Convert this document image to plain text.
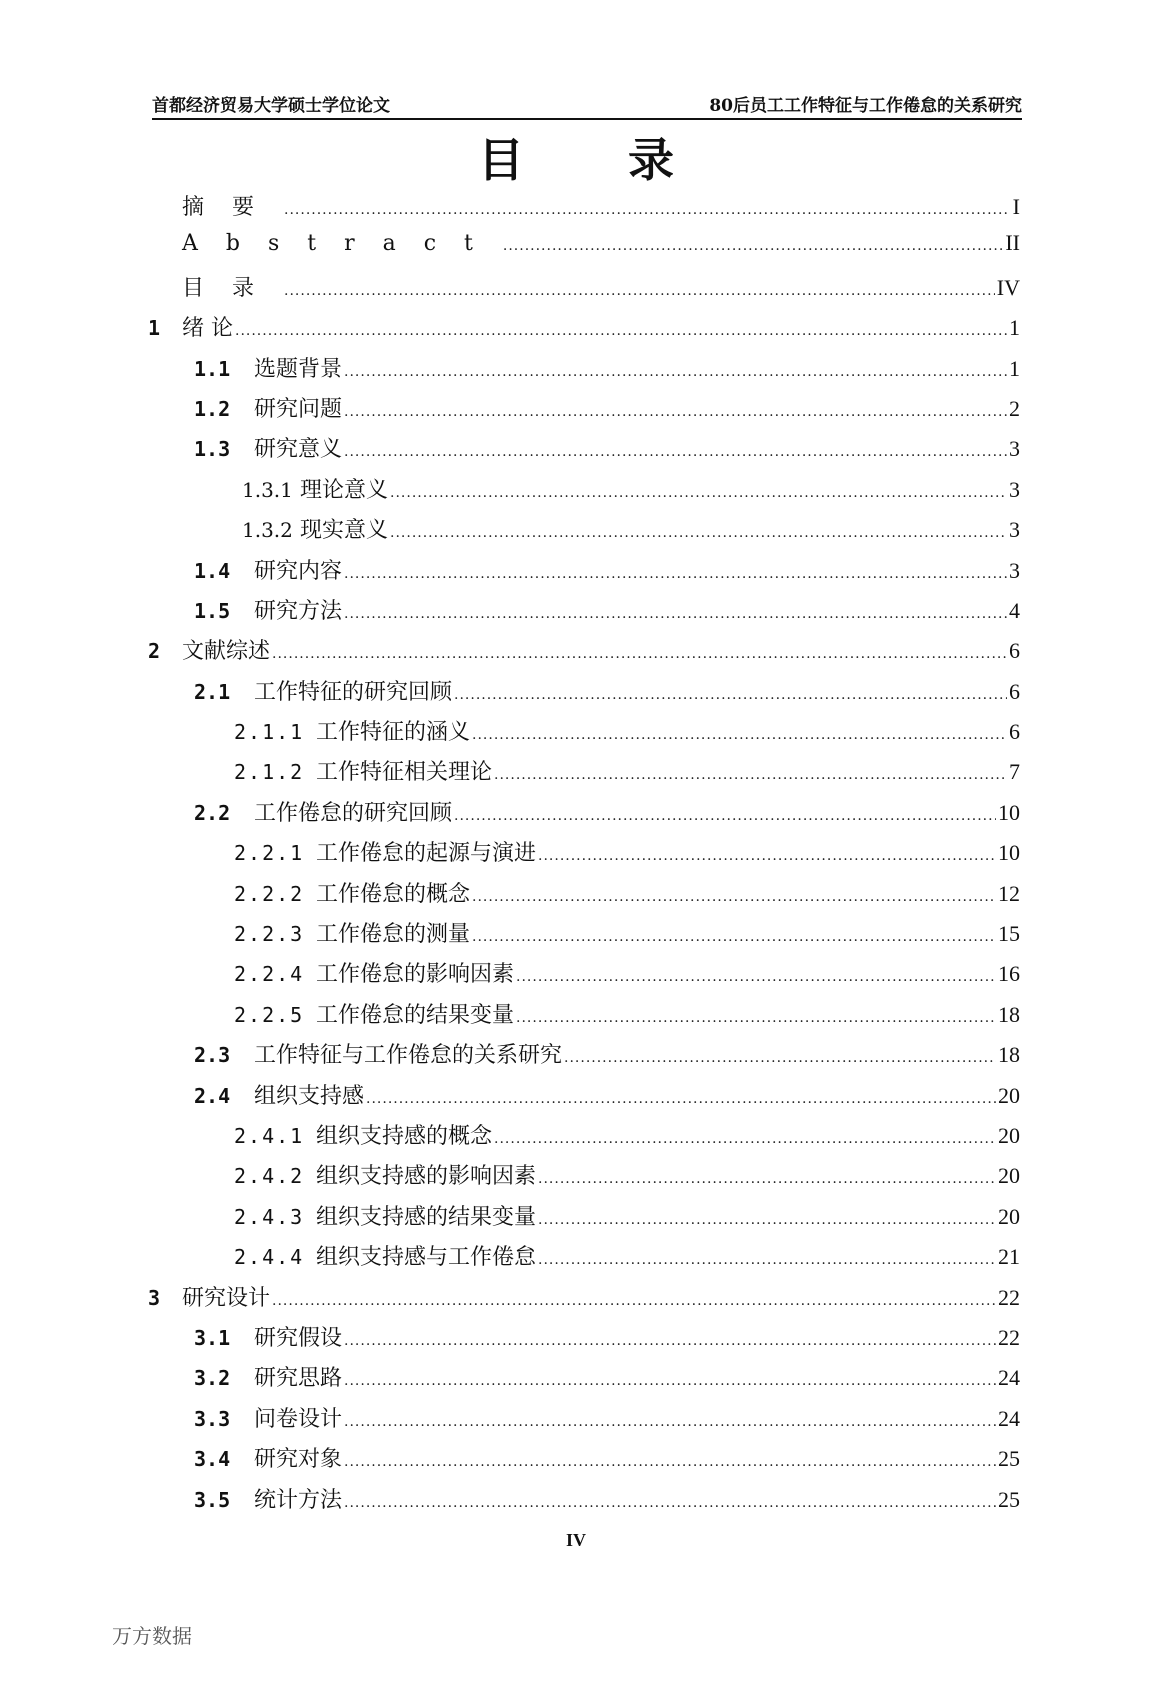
首都经济贸易大学硕士学位论文	80后员工工作特征与工作倦怠的关系研究
目 录
摘要 .....	I
Abstract .....	II
目录 .....	IV
1 绪 论 .....	1
1.1	选题背景 .....	1
1.2	研究问题 .....	2
1.3	研究意义 .....	3
1.3.1 理论意义 .....	3
1.3.2 现实意义 .....	3
1.4	研究内容 .....	3
1.5	研究方法 .....	4
2 文献综述 .....	6
2.1	工作特征的研究回顾 .....	6
2.1.1 工作特征的涵义 .....	6
2.1.2 工作特征相关理论 .....	7
2.2	工作倦怠的研究回顾 .....	10
2.2.1 工作倦怠的起源与演进 .....	10
2.2.2 工作倦怠的概念 .....	12
2.2.3 工作倦怠的测量 .....	15
2.2.4 工作倦怠的影响因素 .....	16
2.2.5 工作倦怠的结果变量 .....	18
2.3	工作特征与工作倦怠的关系研究 .....	18
2.4	组织支持感 .....	20
2.4.1 组织支持感的概念 .....	20
2.4.2 组织支持感的影响因素 .....	20
2.4.3 组织支持感的结果变量 .....	20
2.4.4 组织支持感与工作倦怠 .....	21
3 研究设计 .....	22
3.1	研究假设 .....	22
3.2	研究思路 .....	24
3.3	问卷设计 .....	24
3.4	研究对象 .....	25
3.5	统计方法 .....	25
IV
万方数据
